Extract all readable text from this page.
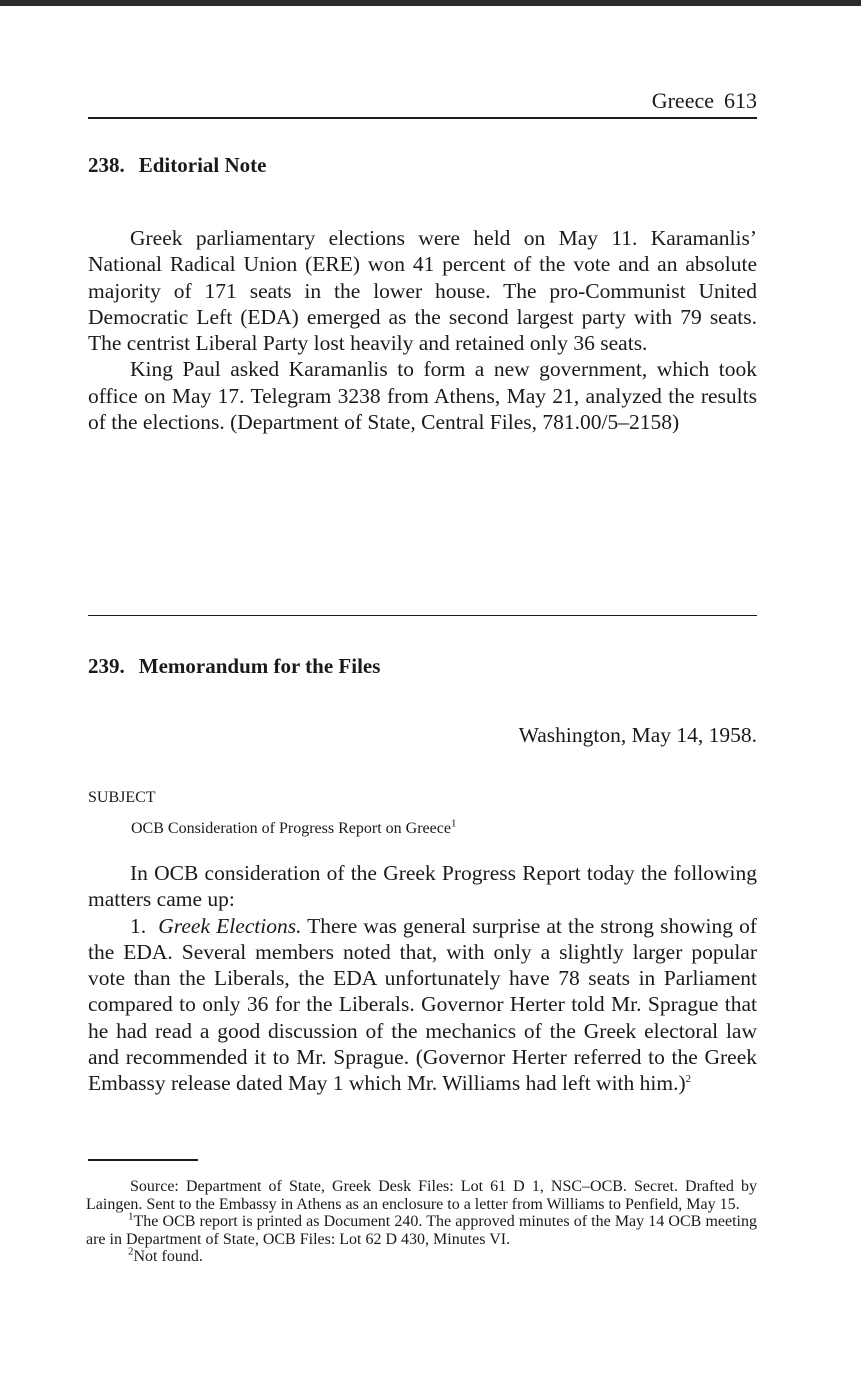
Greece 613
238. Editorial Note

Greek parliamentary elections were held on May 11. Karamanlis’ National Radical Union (ERE) won 41 percent of the vote and an absolute majority of 171 seats in the lower house. The pro-Communist United Democratic Left (EDA) emerged as the second largest party with 79 seats. The centrist Liberal Party lost heavily and retained only 36 seats.

King Paul asked Karamanlis to form a new government, which took office on May 17. Telegram 3238 from Athens, May 21, analyzed the results of the elections. (Department of State, Central Files, 781.00/5–2158)

239. Memorandum for the Files
Washington, May 14, 1958.
SUBJECT
OCB Consideration of Progress Report on Greece$^1$

In OCB consideration of the Greek Progress Report today the following matters came up:

1. Greek Elections. There was general surprise at the strong showing of the EDA. Several members noted that, with only a slightly larger popular vote than the Liberals, the EDA unfortunately have 78 seats in Parliament compared to only 36 for the Liberals. Governor Herter told Mr. Sprague that he had read a good discussion of the mechanics of the Greek electoral law and recommended it to Mr. Sprague. (Governor Herter referred to the Greek Embassy release dated May 1 which Mr. Williams had left with him.)$^2$

Source: Department of State, Greek Desk Files: Lot 61 D 1, NSC–OCB. Secret. Drafted by Laingen. Sent to the Embassy in Athens as an enclosure to a letter from Williams to Penfield, May 15.

$^1$The OCB report is printed as Document 240. The approved minutes of the May 14 OCB meeting are in Department of State, OCB Files: Lot 62 D 430, Minutes VI.

$^2$Not found.
